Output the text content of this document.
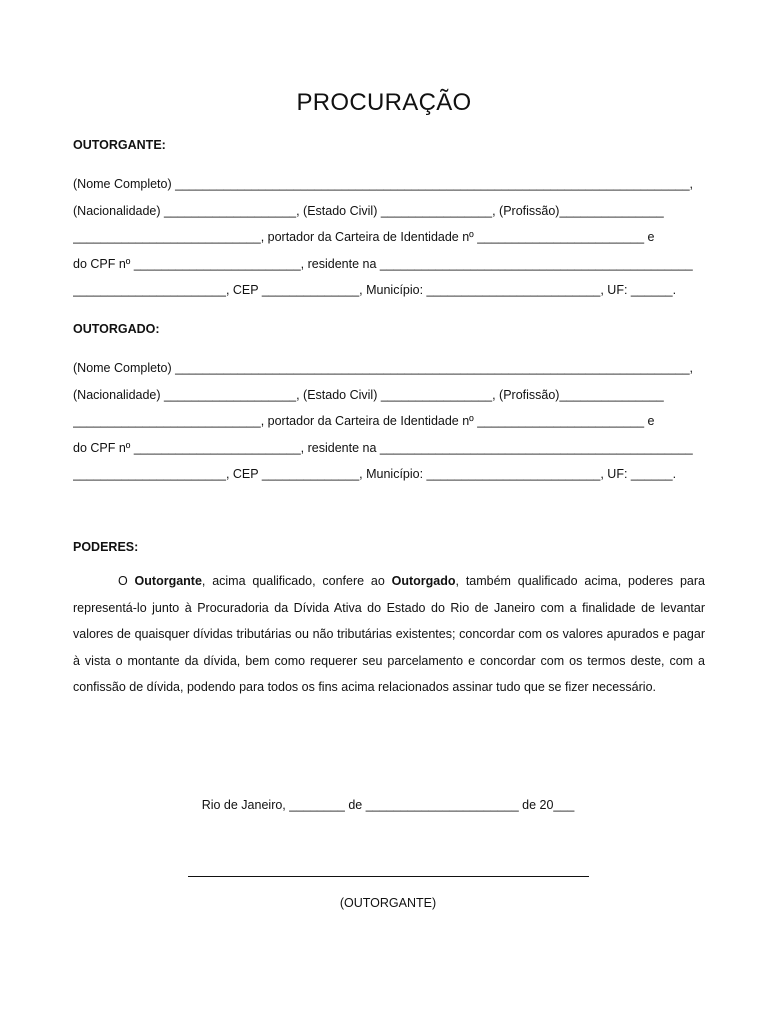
PROCURAÇÃO
OUTORGANTE:
(Nome Completo) __________________________________________________________________________,
(Nacionalidade) ___________________, (Estado Civil) ________________, (Profissão)_______________
___________________________, portador da Carteira de Identidade nº ________________________ e
do CPF nº ________________________, residente na _____________________________________________
______________________, CEP ______________, Município: _________________________, UF: ______.
OUTORGADO:
(Nome Completo) __________________________________________________________________________,
(Nacionalidade) ___________________, (Estado Civil) ________________, (Profissão)_______________
___________________________, portador da Carteira de Identidade nº ________________________ e
do CPF nº ________________________, residente na _____________________________________________
______________________, CEP ______________, Município: _________________________, UF: ______.
PODERES:

O Outorgante, acima qualificado, confere ao Outorgado, também qualificado acima, poderes para representá-lo junto à Procuradoria da Dívida Ativa do Estado do Rio de Janeiro com a finalidade de levantar valores de quaisquer dívidas tributárias ou não tributárias existentes; concordar com os valores apurados e pagar à vista o montante da dívida, bem como requerer seu parcelamento e concordar com os termos deste, com a confissão de dívida, podendo para todos os fins acima relacionados assinar tudo que se fizer necessário.

Rio de Janeiro, ________ de ______________________ de 20___
(OUTORGANTE)
